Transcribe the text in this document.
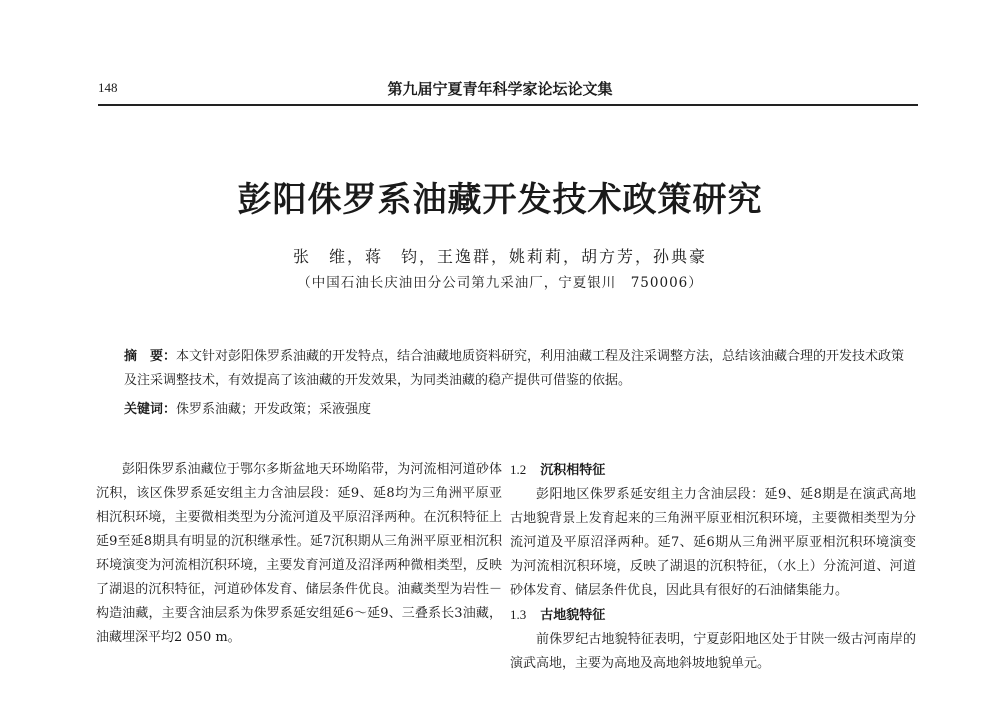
148	第九届宁夏青年科学家论坛论文集
彭阳侏罗系油藏开发技术政策研究
张　维，蒋　钧，王逸群，姚莉莉，胡方芳，孙典豪
（中国石油长庆油田分公司第九采油厂，宁夏银川　750006）
摘　要：本文针对彭阳侏罗系油藏的开发特点，结合油藏地质资料研究，利用油藏工程及注采调整方法，总结该油藏合理的开发技术政策及注采调整技术，有效提高了该油藏的开发效果，为同类油藏的稳产提供可借鉴的依据。
关键词：侏罗系油藏；开发政策；采液强度

彭阳侏罗系油藏位于鄂尔多斯盆地天环坳陷带，为河流相河道砂体沉积，该区侏罗系延安组主力含油层段：延9、延8均为三角洲平原亚相沉积环境，主要微相类型为分流河道及平原沼泽两种。在沉积特征上延9至延8期具有明显的沉积继承性。延7沉积期从三角洲平原亚相沉积环境演变为河流相沉积环境，主要发育河道及沼泽两种微相类型，反映了湖退的沉积特征，河道砂体发育、储层条件优良。油藏类型为岩性－构造油藏，主要含油层系为侏罗系延安组延6～延9、三叠系长3油藏，油藏埋深平均2 050 m。

1.2 沉积相特征

彭阳地区侏罗系延安组主力含油层段：延9、延8期是在演武高地古地貌背景上发育起来的三角洲平原亚相沉积环境，主要微相类型为分流河道及平原沼泽两种。延7、延6期从三角洲平原亚相沉积环境演变为河流相沉积环境，反映了湖退的沉积特征，（水上）分流河道、河道砂体发育、储层条件优良，因此具有很好的石油储集能力。

1.3 古地貌特征

前侏罗纪古地貌特征表明，宁夏彭阳地区处于甘陕一级古河南岸的演武高地，主要为高地及高地斜坡地貌单元。
